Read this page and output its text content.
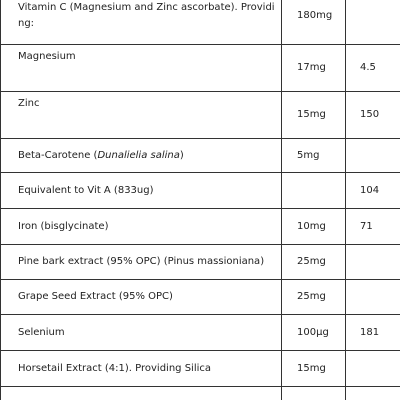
Vitamin C (Magnesium and Zinc ascorbate). Providi
ng:	180mg	
Magnesium	17mg	4.5
Zinc	15mg	150
Beta-Carotene (Dunalielia salina)	5mg	
Equivalent to Vit A (833ug)		104
Iron (bisglycinate)	10mg	71
Pine bark extract (95% OPC) (Pinus massioniana)	25mg	
Grape Seed Extract (95% OPC)	25mg	
Selenium	100µg	181
Horsetail Extract (4:1). Providing Silica	15mg	
